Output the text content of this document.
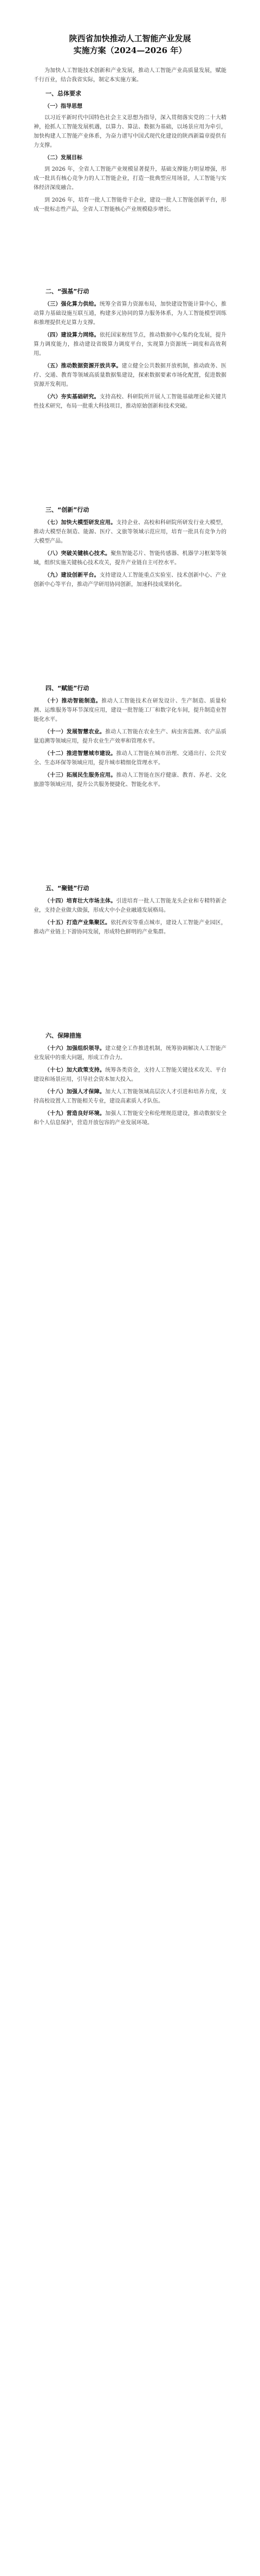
陕西省加快推动人工智能产业发展
实施方案（2024—2026 年）

为加快人工智能技术创新和产业发展，推动人工智能产业高质量发展，赋能千行百业，结合我省实际，制定本实施方案。

一、总体要求
（一）指导思想

以习近平新时代中国特色社会主义思想为指导，深入贯彻落实党的二十大精神，抢抓人工智能发展机遇，以算力、算法、数据为基础，以场景应用为牵引，加快构建人工智能产业体系，为奋力谱写中国式现代化建设的陕西新篇章提供有力支撑。

（二）发展目标

到 2026 年，全省人工智能产业规模显著提升，基础支撑能力明显增强，形成一批具有核心竞争力的人工智能企业，打造一批典型应用场景，人工智能与实体经济深度融合。

到 2026 年，培育一批人工智能骨干企业，建设一批人工智能创新平台，形成一批标志性产品，全省人工智能核心产业规模稳步增长。

二、“强基”行动

（三）强化算力供给。统筹全省算力资源布局，加快建设智能计算中心，推动算力基础设施互联互通，构建多元协同的算力服务体系，为人工智能模型训练和推理提供充足算力支撑。

（四）建设算力网络。依托国家枢纽节点，推动数据中心集约化发展，提升算力调度能力，推动建设省级算力调度平台，实现算力资源统一调度和高效利用。

（五）推动数据资源开放共享。建立健全公共数据开放机制，推动政务、医疗、交通、教育等领域高质量数据集建设，探索数据要素市场化配置，促进数据资源开发利用。

（六）夯实基础研究。支持高校、科研院所开展人工智能基础理论和关键共性技术研究，布局一批重大科技项目，推动原始创新和技术突破。

三、“创新”行动

（七）加快大模型研发应用。支持企业、高校和科研院所研发行业大模型，推动大模型在制造、能源、医疗、文旅等领域示范应用，培育一批具有竞争力的大模型产品。

（八）突破关键核心技术。聚焦智能芯片、智能传感器、机器学习框架等领域，组织实施关键核心技术攻关，提升产业链自主可控水平。

（九）建设创新平台。支持建设人工智能重点实验室、技术创新中心、产业创新中心等平台，推动产学研用协同创新，加速科技成果转化。

四、“赋能”行动

（十）推动智能制造。推动人工智能技术在研发设计、生产制造、质量检测、运维服务等环节深度应用，建设一批智能工厂和数字化车间，提升制造业智能化水平。

（十一）发展智慧农业。推动人工智能在农业生产、病虫害监测、农产品质量追溯等领域应用，提升农业生产效率和管理水平。

（十二）推进智慧城市建设。推动人工智能在城市治理、交通出行、公共安全、生态环保等领域应用，提升城市精细化管理水平。

（十三）拓展民生服务应用。推动人工智能在医疗健康、教育、养老、文化旅游等领域应用，提升公共服务便捷化、智能化水平。

五、“聚链”行动

（十四）培育壮大市场主体。引进培育一批人工智能龙头企业和专精特新企业，支持企业做大做强，形成大中小企业融通发展格局。

（十五）打造产业集聚区。依托西安等重点城市，建设人工智能产业园区，推动产业链上下游协同发展，形成特色鲜明的产业集群。

六、保障措施

（十六）加强组织领导。建立健全工作推进机制，统筹协调解决人工智能产业发展中的重大问题，形成工作合力。

（十七）加大政策支持。统筹各类资金，支持人工智能关键技术攻关、平台建设和场景应用，引导社会资本加大投入。

（十八）加强人才保障。加大人工智能领域高层次人才引进和培养力度，支持高校设置人工智能相关专业，建设高素质人才队伍。

（十九）营造良好环境。加强人工智能安全和伦理规范建设，推动数据安全和个人信息保护，营造开放包容的产业发展环境。
